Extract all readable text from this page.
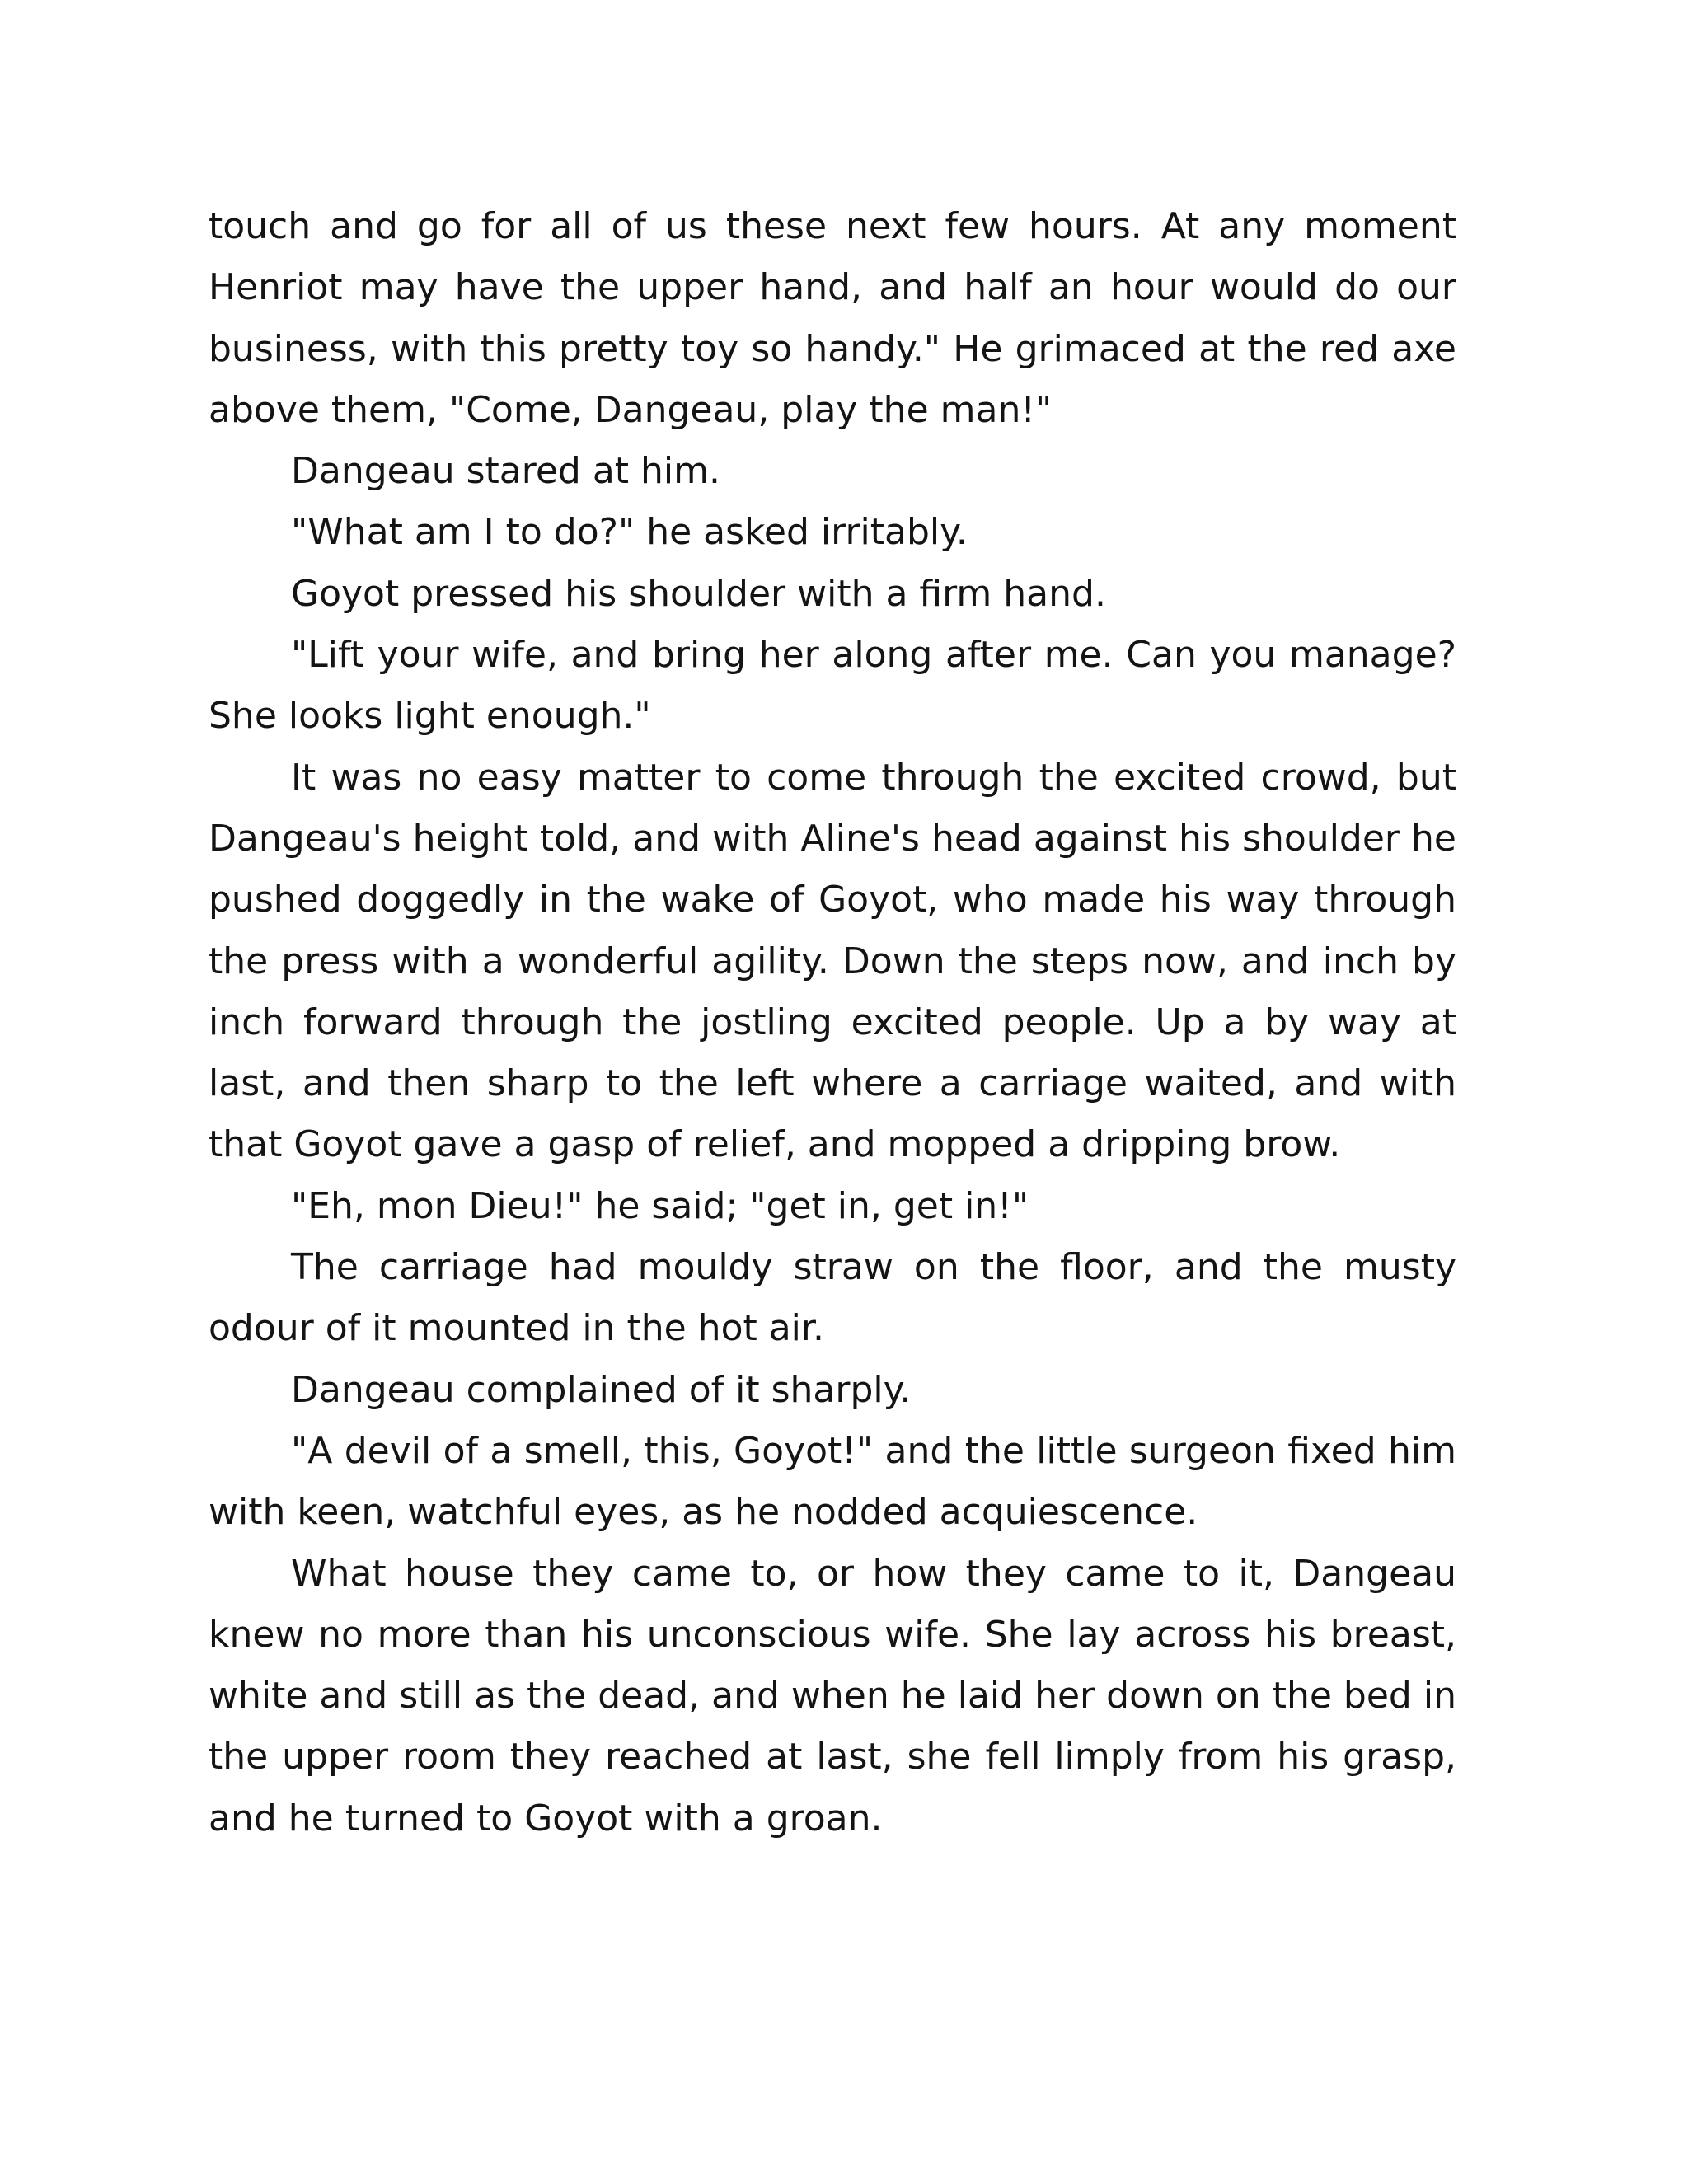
touch and go for all of us these next few hours. At any moment Henriot may have the upper hand, and half an hour would do our business, with this pretty toy so handy." He grimaced at the red axe above them, "Come, Dangeau, play the man!"

Dangeau stared at him.

"What am I to do?" he asked irritably.

Goyot pressed his shoulder with a firm hand.

"Lift your wife, and bring her along after me. Can you manage? She looks light enough."

It was no easy matter to come through the excited crowd, but Dangeau's height told, and with Aline's head against his shoulder he pushed doggedly in the wake of Goyot, who made his way through the press with a wonderful agility. Down the steps now, and inch by inch forward through the jostling excited people. Up a by way at last, and then sharp to the left where a carriage waited, and with that Goyot gave a gasp of relief, and mopped a dripping brow.

"Eh, mon Dieu!" he said; "get in, get in!"

The carriage had mouldy straw on the floor, and the musty odour of it mounted in the hot air.

Dangeau complained of it sharply.

"A devil of a smell, this, Goyot!" and the little surgeon fixed him with keen, watchful eyes, as he nodded acquiescence.

What house they came to, or how they came to it, Dangeau knew no more than his unconscious wife. She lay across his breast, white and still as the dead, and when he laid her down on the bed in the upper room they reached at last, she fell limply from his grasp, and he turned to Goyot with a groan.
